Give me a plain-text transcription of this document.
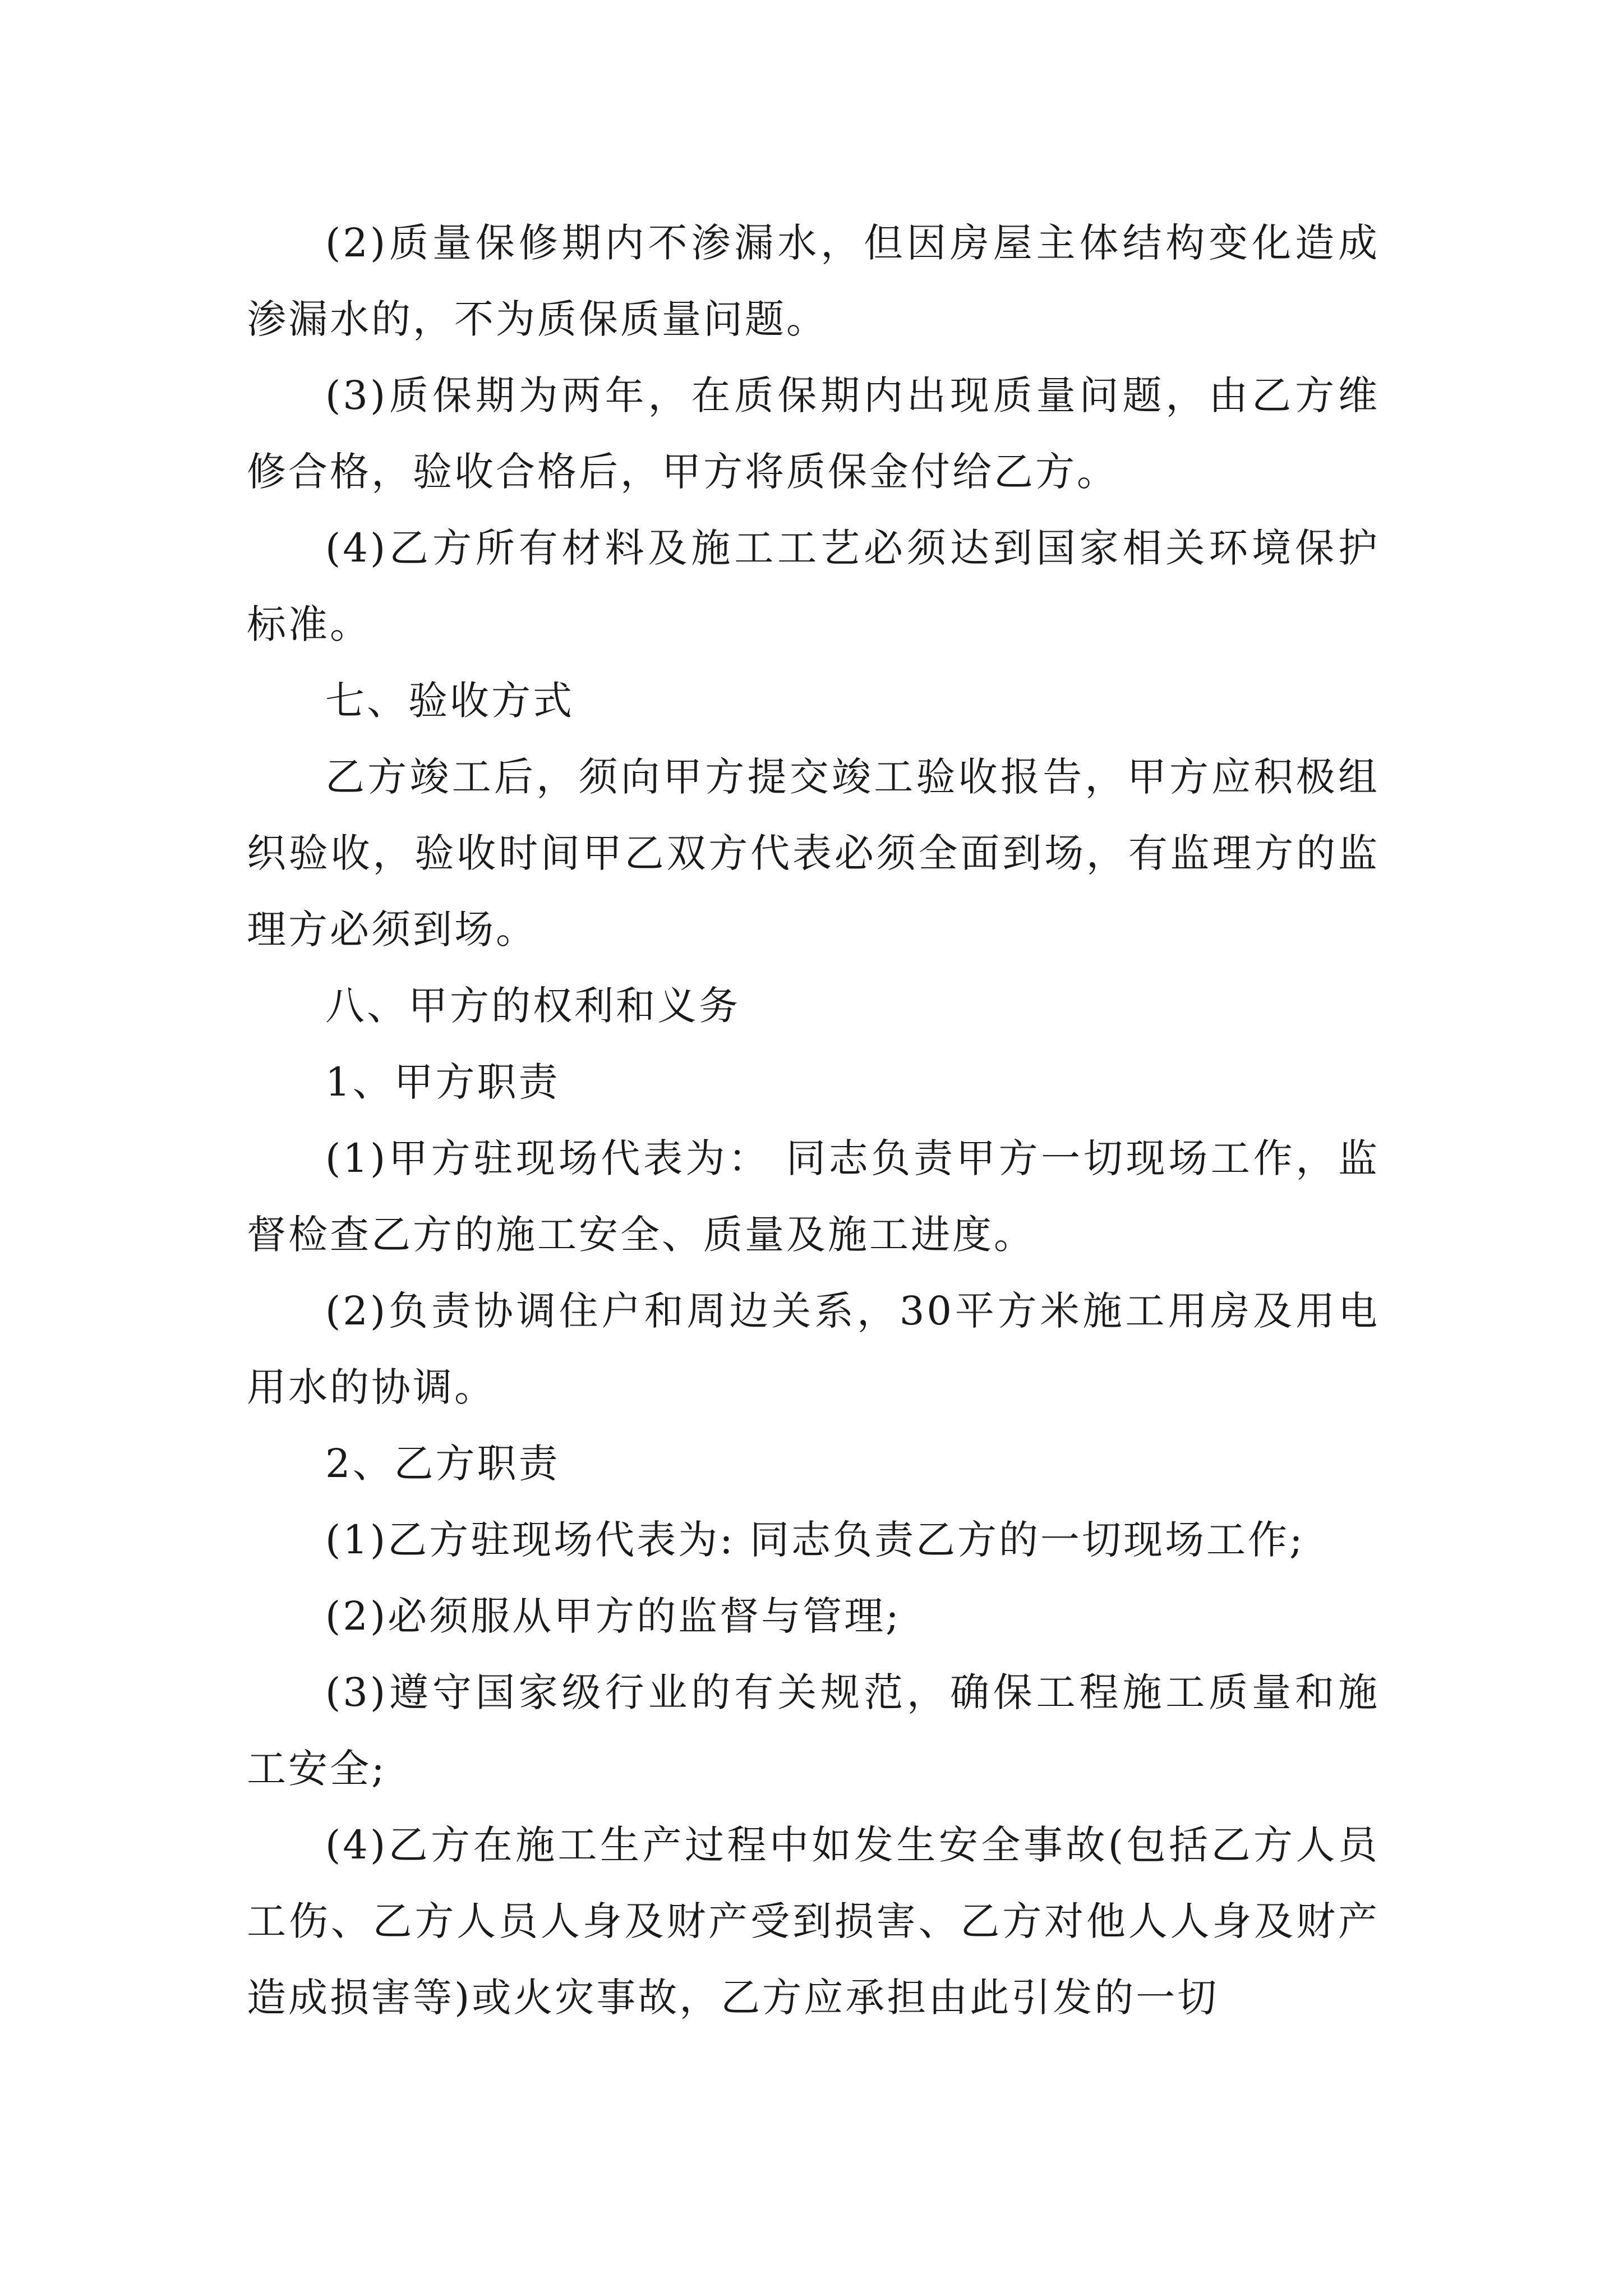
(2)质量保修期内不渗漏水，但因房屋主体结构变化造成渗漏水的，不为质保质量问题。

(3)质保期为两年，在质保期内出现质量问题，由乙方维修合格，验收合格后，甲方将质保金付给乙方。

(4)乙方所有材料及施工工艺必须达到国家相关环境保护标准。

七、验收方式

乙方竣工后，须向甲方提交竣工验收报告，甲方应积极组织验收，验收时间甲乙双方代表必须全面到场，有监理方的监理方必须到场。

八、甲方的权利和义务

1、甲方职责

(1)甲方驻现场代表为： 同志负责甲方一切现场工作，监督检查乙方的施工安全、质量及施工进度。

(2)负责协调住户和周边关系，30平方米施工用房及用电用水的协调。

2、乙方职责

(1)乙方驻现场代表为: 同志负责乙方的一切现场工作;

(2)必须服从甲方的监督与管理;

(3)遵守国家级行业的有关规范，确保工程施工质量和施工安全;

(4)乙方在施工生产过程中如发生安全事故(包括乙方人员工伤、乙方人员人身及财产受到损害、乙方对他人人身及财产造成损害等)或火灾事故，乙方应承担由此引发的一切
